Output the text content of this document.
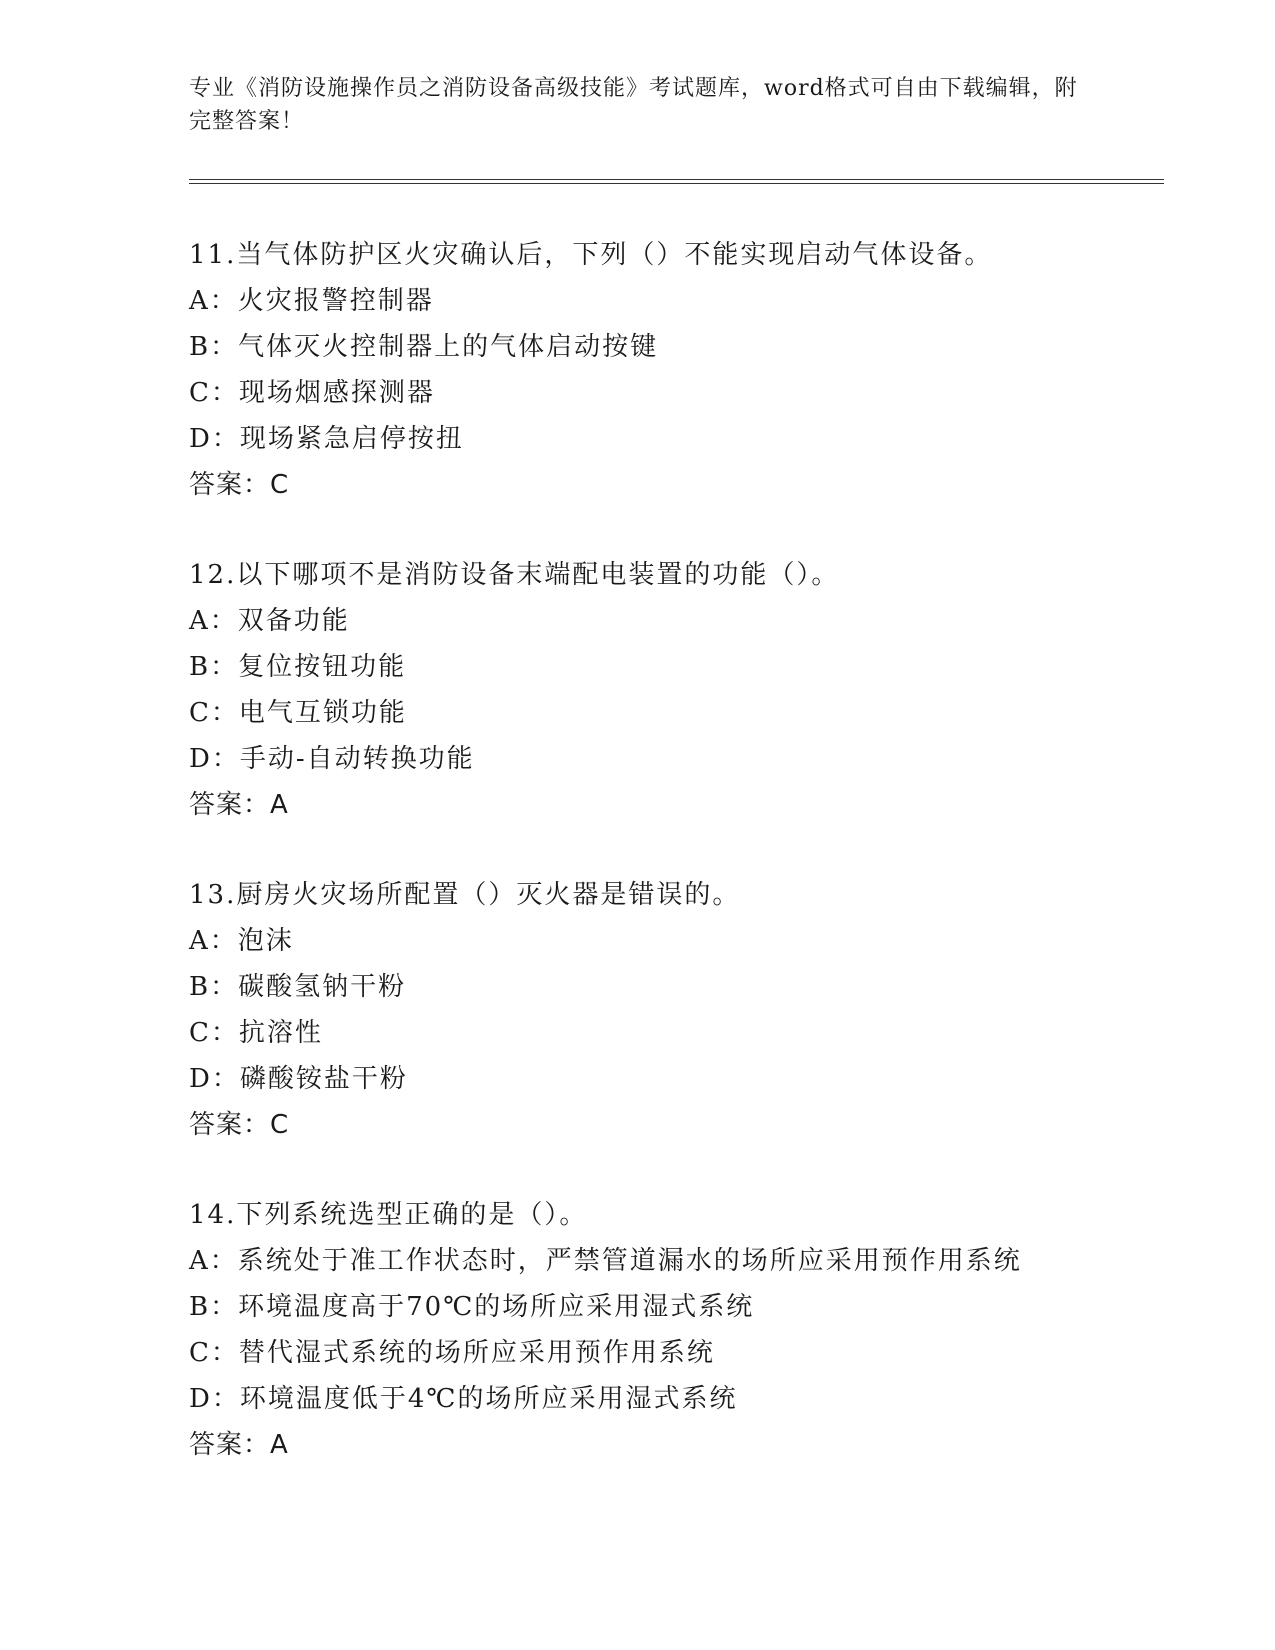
专业《消防设施操作员之消防设备高级技能》考试题库，word格式可自由下载编辑，附完整答案！

11.当气体防护区火灾确认后，下列（）不能实现启动气体设备。
A：火灾报警控制器
B：气体灭火控制器上的气体启动按键
C：现场烟感探测器
D：现场紧急启停按扭
答案：C
12.以下哪项不是消防设备末端配电装置的功能（）。
A：双备功能
B：复位按钮功能
C：电气互锁功能
D：手动-自动转换功能
答案：A
13.厨房火灾场所配置（）灭火器是错误的。
A：泡沫
B：碳酸氢钠干粉
C：抗溶性
D：磷酸铵盐干粉
答案：C
14.下列系统选型正确的是（）。
A：系统处于准工作状态时，严禁管道漏水的场所应采用预作用系统
B：环境温度高于70℃的场所应采用湿式系统
C：替代湿式系统的场所应采用预作用系统
D：环境温度低于4℃的场所应采用湿式系统
答案：A
